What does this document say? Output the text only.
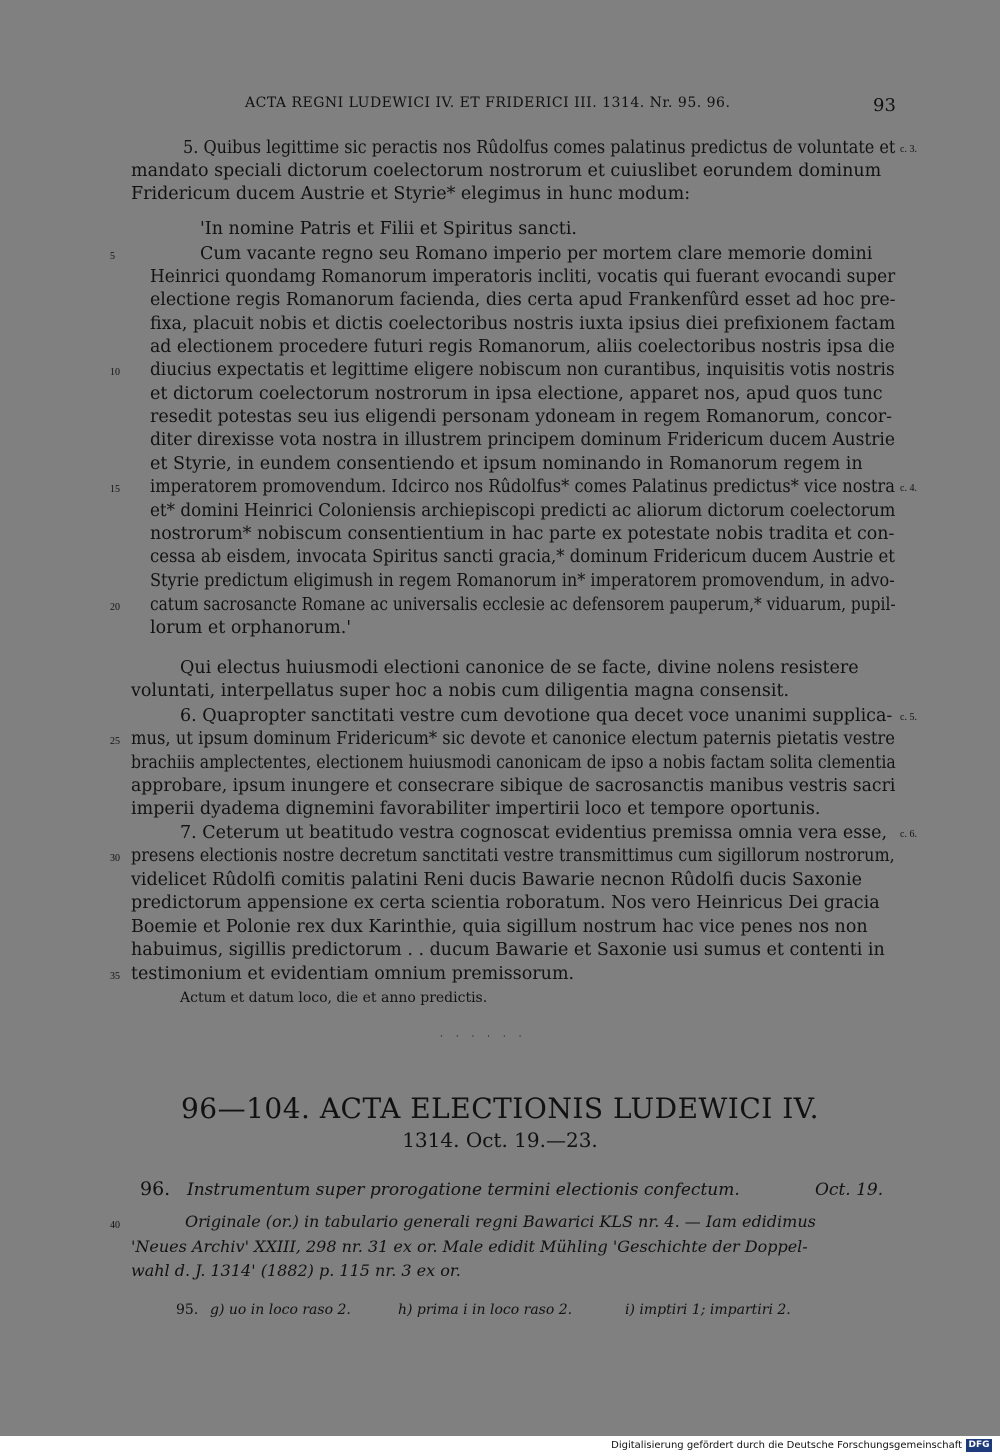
ACTA REGNI LUDEWICI IV. ET FRIDERICI III. 1314. Nr. 95. 96.	93
5. Quibus legittime sic peractis nos Rûdolfus comes palatinus predictus de voluntate et c. 3.
mandato speciali dictorum coelectorum nostrorum et cuiuslibet eorundem dominum
Fridericum ducem Austrie et Styrie* elegimus in hunc modum:
'In nomine Patris et Filii et Spiritus sancti.
Cum vacante regno seu Romano imperio per mortem clare memorie domini
5
Heinrici quondamg Romanorum imperatoris incliti, vocatis qui fuerant evocandi super
electione regis Romanorum facienda, dies certa apud Frankenfûrd esset ad hoc pre-
fixa, placuit nobis et dictis coelectoribus nostris iuxta ipsius diei prefixionem factam
ad electionem procedere futuri regis Romanorum, aliis coelectoribus nostris ipsa die
diucius expectatis et legittime eligere nobiscum non curantibus, inquisitis votis nostris
10
et dictorum coelectorum nostrorum in ipsa electione, apparet nos, apud quos tunc
resedit potestas seu ius eligendi personam ydoneam in regem Romanorum, concor-
diter direxisse vota nostra in illustrem principem dominum Fridericum ducem Austrie
et Styrie, in eundem consentiendo et ipsum nominando in Romanorum regem in
imperatorem promovendum. Idcirco nos Rûdolfus* comes Palatinus predictus* vice nostra
15	c. 4.
et* domini Heinrici Coloniensis archiepiscopi predicti ac aliorum dictorum coelectorum
nostrorum* nobiscum consentientium in hac parte ex potestate nobis tradita et con-
cessa ab eisdem, invocata Spiritus sancti gracia,* dominum Fridericum ducem Austrie et
Styrie predictum eligimush in regem Romanorum in* imperatorem promovendum, in advo-
catum sacrosancte Romane ac universalis ecclesie ac defensorem pauperum,* viduarum, pupil-
20
lorum et orphanorum.'
Qui electus huiusmodi electioni canonice de se facte, divine nolens resistere
voluntati, interpellatus super hoc a nobis cum diligentia magna consensit.
6. Quapropter sanctitati vestre cum devotione qua decet voce unanimi supplica- c. 5.
mus, ut ipsum dominum Fridericum* sic devote et canonice electum paternis pietatis vestre
25
brachiis amplectentes, electionem huiusmodi canonicam de ipso a nobis factam solita clementia
approbare, ipsum inungere et consecrare sibique de sacrosanctis manibus vestris sacri
imperii dyadema dignemini favorabiliter impertirii loco et tempore oportunis.
7. Ceterum ut beatitudo vestra cognoscat evidentius premissa omnia vera esse, c. 6.
presens electionis nostre decretum sanctitati vestre transmittimus cum sigillorum nostrorum,
30
videlicet Rûdolfi comitis palatini Reni ducis Bawarie necnon Rûdolfi ducis Saxonie
predictorum appensione ex certa scientia roboratum. Nos vero Heinricus Dei gracia
Boemie et Polonie rex dux Karinthie, quia sigillum nostrum hac vice penes nos non
habuimus, sigillis predictorum . . ducum Bawarie et Saxonie usi sumus et contenti in
testimonium et evidentiam omnium premissorum.
35
Actum et datum loco, die et anno predictis.
· · · · · ·
96—104. ACTA ELECTIONIS LUDEWICI IV.
1314. Oct. 19.—23.
96. Instrumentum super prorogatione termini electionis confectum.	Oct. 19.
40	Originale (or.) in tabulario generali regni Bawarici KLS nr. 4. — Iam edidimus
'Neues Archiv' XXIII, 298 nr. 31 ex or. Male edidit Mühling 'Geschichte der Doppel-
wahl d. J. 1314' (1882) p. 115 nr. 3 ex or.
95. g) uo in loco raso 2.	h) prima i in loco raso 2.	i) imptiri 1; impartiri 2.
Digitalisierung gefördert durch die Deutsche Forschungsgemeinschaft DFG
